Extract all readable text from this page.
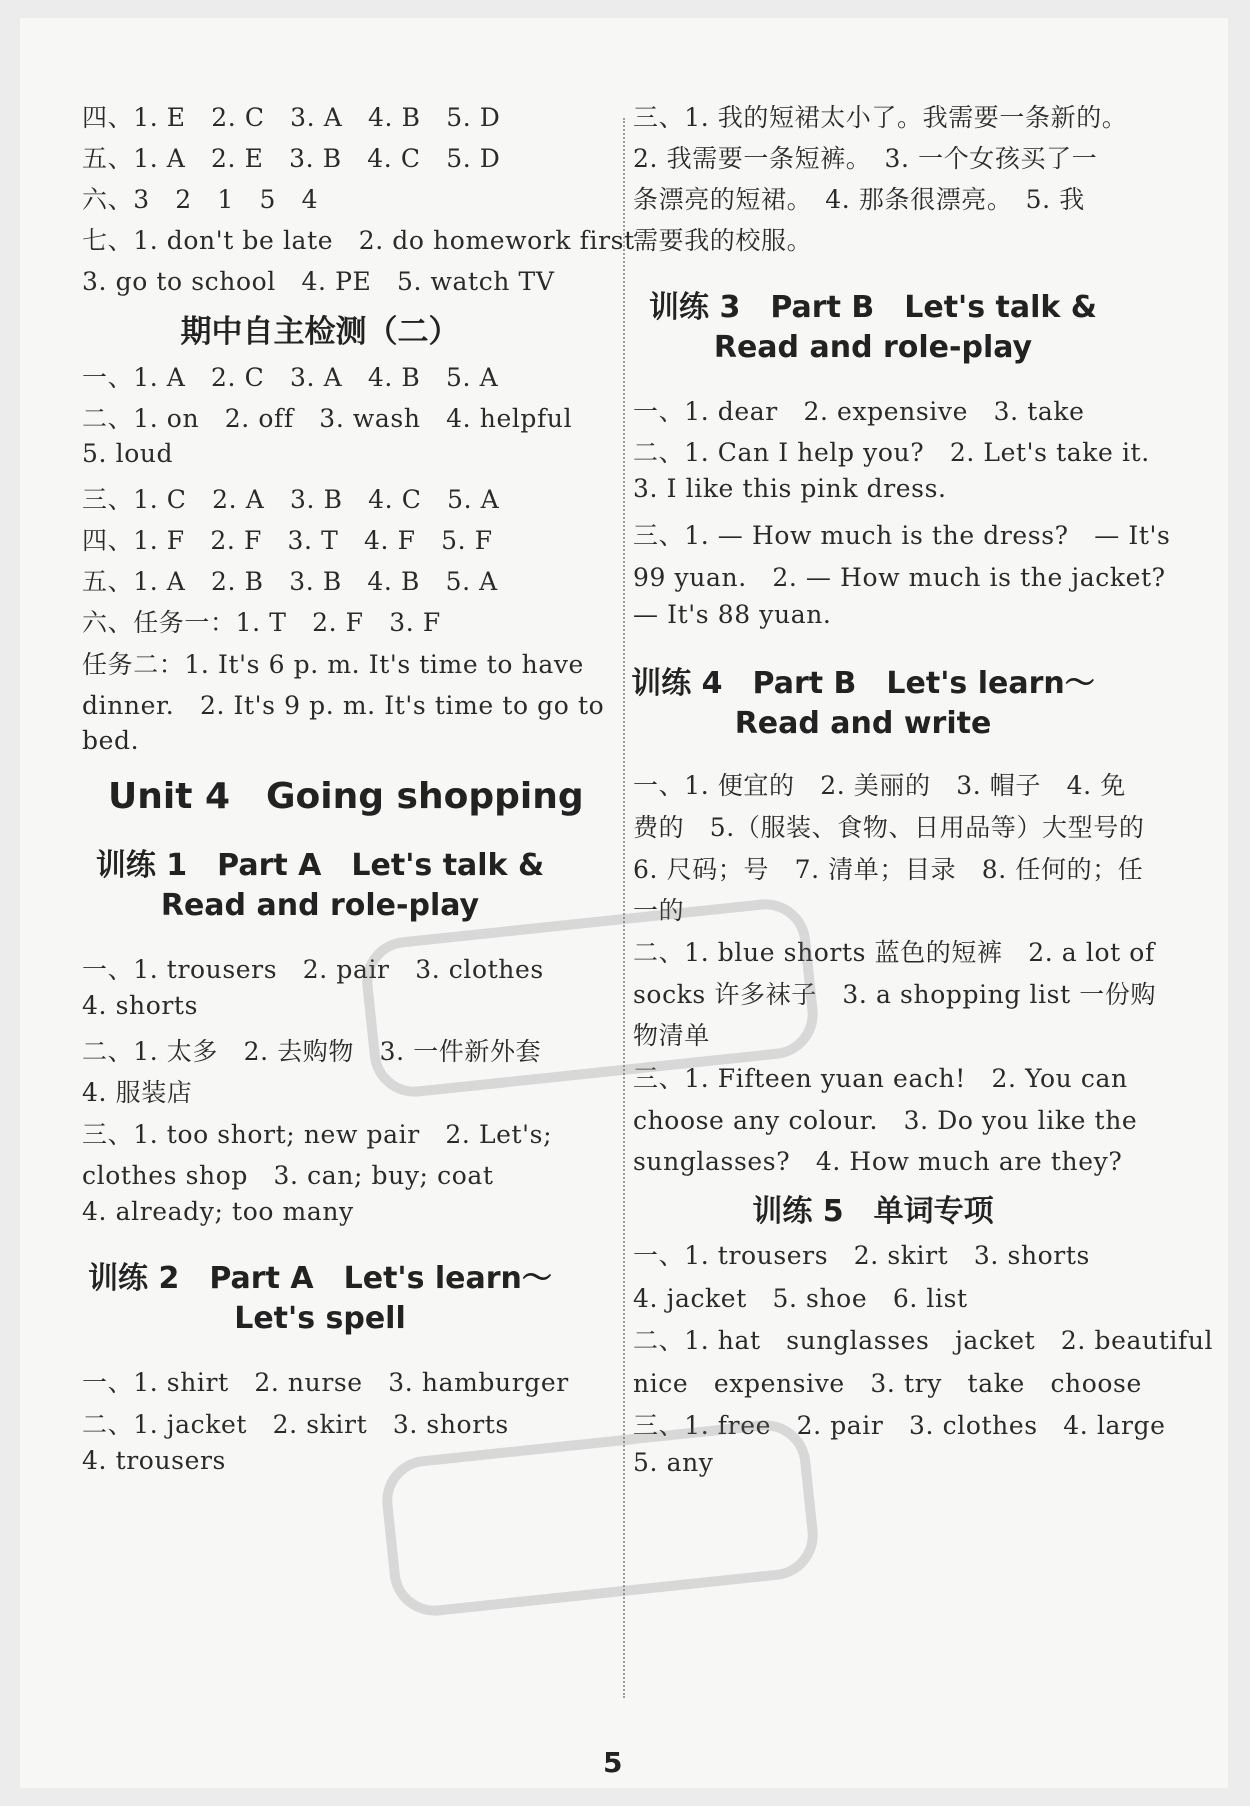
四、1. E　2. C　3. A　4. B　5. D
五、1. A　2. E　3. B　4. C　5. D
六、3　2　1　5　4
七、1. don't be late　2. do homework first
3. go to school　4. PE　5. watch TV
期中自主检测（二）
一、1. A　2. C　3. A　4. B　5. A
二、1. on　2. off　3. wash　4. helpful
5. loud
三、1. C　2. A　3. B　4. C　5. A
四、1. F　2. F　3. T　4. F　5. F
五、1. A　2. B　3. B　4. B　5. A
六、任务一：1. T　2. F　3. F
任务二：1. It's 6 p. m. It's time to have
dinner.　2. It's 9 p. m. It's time to go to
bed.
Unit 4　Going shopping
训练 1　Part A　Let's talk &
Read and role-play
一、1. trousers　2. pair　3. clothes
4. shorts
二、1. 太多　2. 去购物　3. 一件新外套
4. 服装店
三、1. too short; new pair　2. Let's;
clothes shop　3. can; buy; coat
4. already; too many
训练 2　Part A　Let's learn～
Let's spell
一、1. shirt　2. nurse　3. hamburger
二、1. jacket　2. skirt　3. shorts
4. trousers
三、1. 我的短裙太小了。我需要一条新的。
2. 我需要一条短裤。　3. 一个女孩买了一
条漂亮的短裙。　4. 那条很漂亮。　5. 我
需要我的校服。
训练 3　Part B　Let's talk &
Read and role-play
一、1. dear　2. expensive　3. take
二、1. Can I help you?　2. Let's take it.
3. I like this pink dress.
三、1. — How much is the dress?　— It's
99 yuan.　2. — How much is the jacket?
— It's 88 yuan.
训练 4　Part B　Let's learn～
Read and write
一、1. 便宜的　2. 美丽的　3. 帽子　4. 免
费的　5.（服装、食物、日用品等）大型号的
6. 尺码；号　7. 清单；目录　8. 任何的；任
一的
二、1. blue shorts 蓝色的短裤　2. a lot of
socks 许多袜子　3. a shopping list 一份购
物清单
三、1. Fifteen yuan each!　2. You can
choose any colour.　3. Do you like the
sunglasses?　4. How much are they?
训练 5　单词专项
一、1. trousers　2. skirt　3. shorts
4. jacket　5. shoe　6. list
二、1. hat　sunglasses　jacket　2. beautiful
nice　expensive　3. try　take　choose
三、1. free　2. pair　3. clothes　4. large
5. any
5
